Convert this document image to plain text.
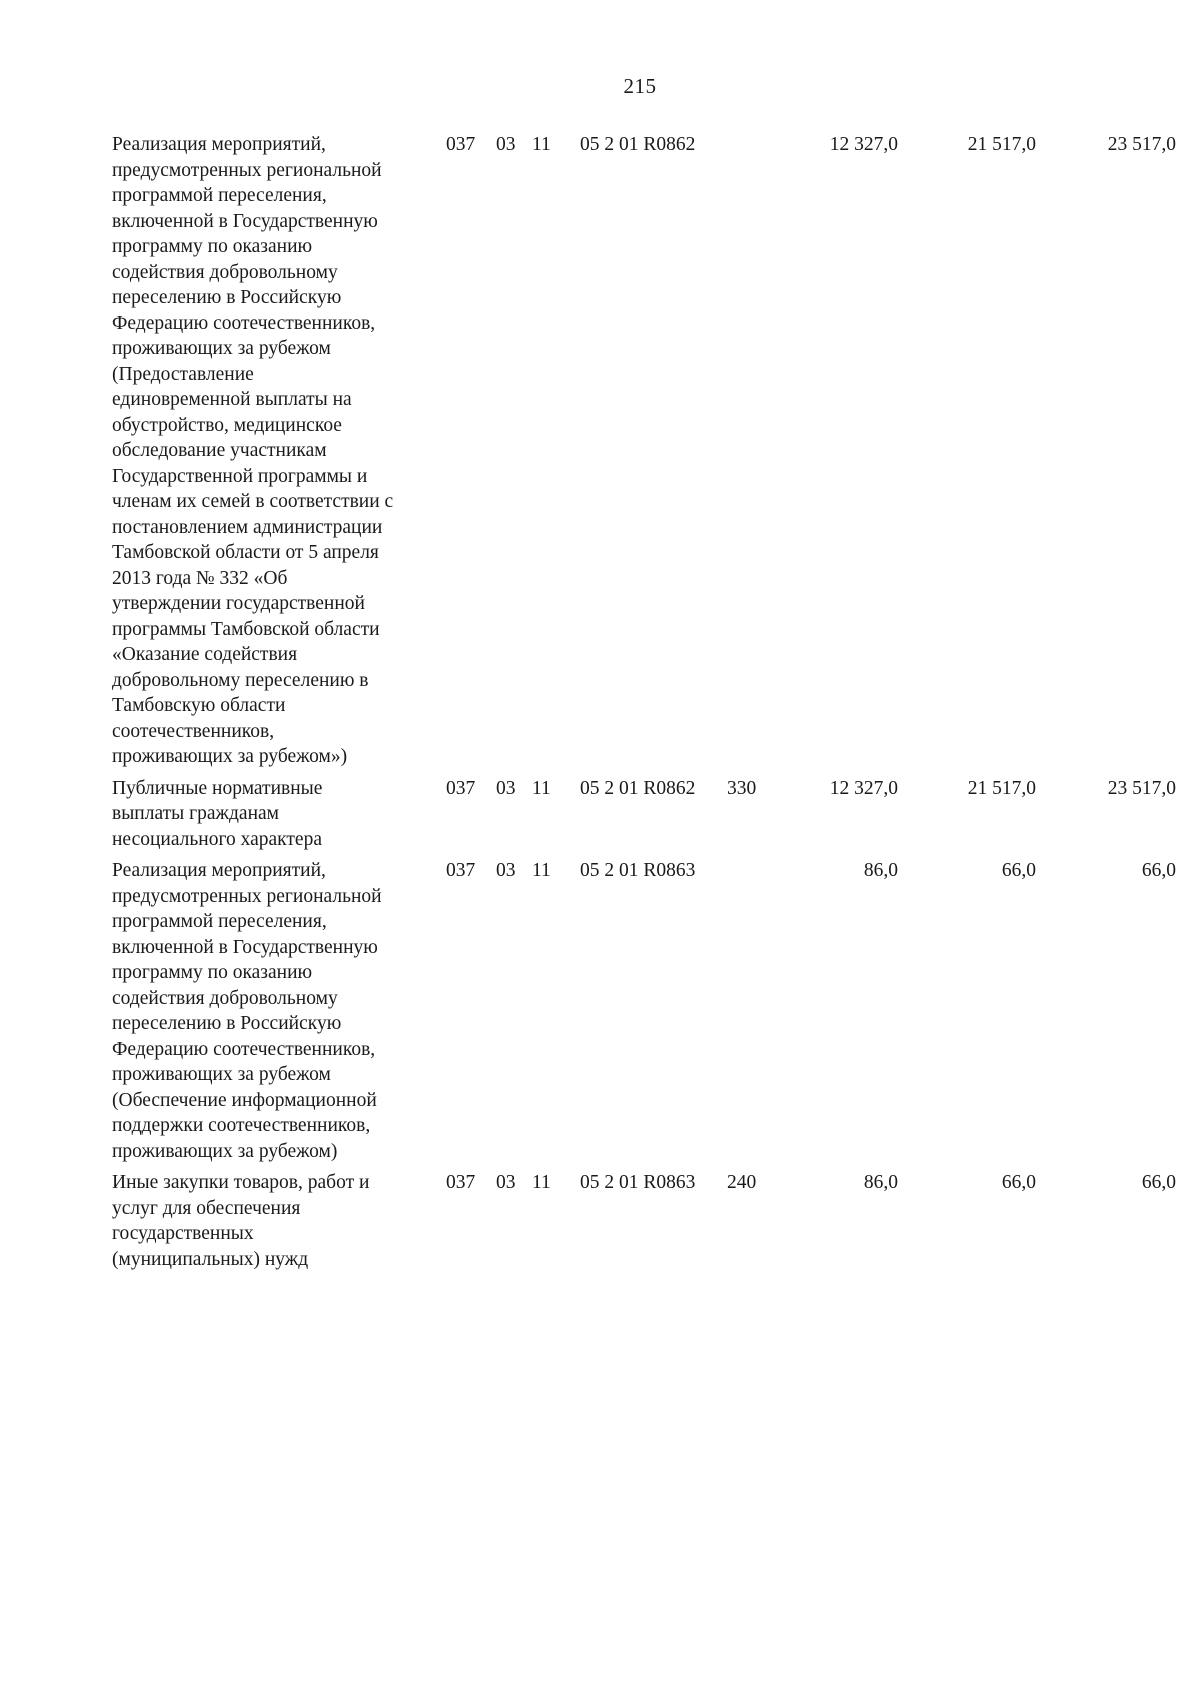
215
Реализация мероприятий,
предусмотренных региональной
программой переселения,
включенной в Государственную
программу по оказанию
содействия добровольному
переселению в Российскую
Федерацию соотечественников,
проживающих за рубежом
(Предоставление
единовременной выплаты на
обустройство, медицинское
обследование участникам
Государственной программы и
членам их семей в соответствии с
постановлением администрации
Тамбовской области от 5 апреля
2013 года № 332 «Об
утверждении государственной
программы Тамбовской области
«Оказание содействия
добровольному переселению в
Тамбовскую области
соотечественников,
проживающих за рубежом»)
037 03 11 05 2 01 R0862	12 327,0	21 517,0	23 517,0
Публичные нормативные
выплаты гражданам
несоциального характера
037 03 11 05 2 01 R0862 330	12 327,0	21 517,0	23 517,0
Реализация мероприятий,
предусмотренных региональной
программой переселения,
включенной в Государственную
программу по оказанию
содействия добровольному
переселению в Российскую
Федерацию соотечественников,
проживающих за рубежом
(Обеспечение информационной
поддержки соотечественников,
проживающих за рубежом)
037 03 11 05 2 01 R0863	86,0	66,0	66,0
Иные закупки товаров, работ и
услуг для обеспечения
государственных
(муниципальных) нужд
037 03 11 05 2 01 R0863 240	86,0	66,0	66,0
